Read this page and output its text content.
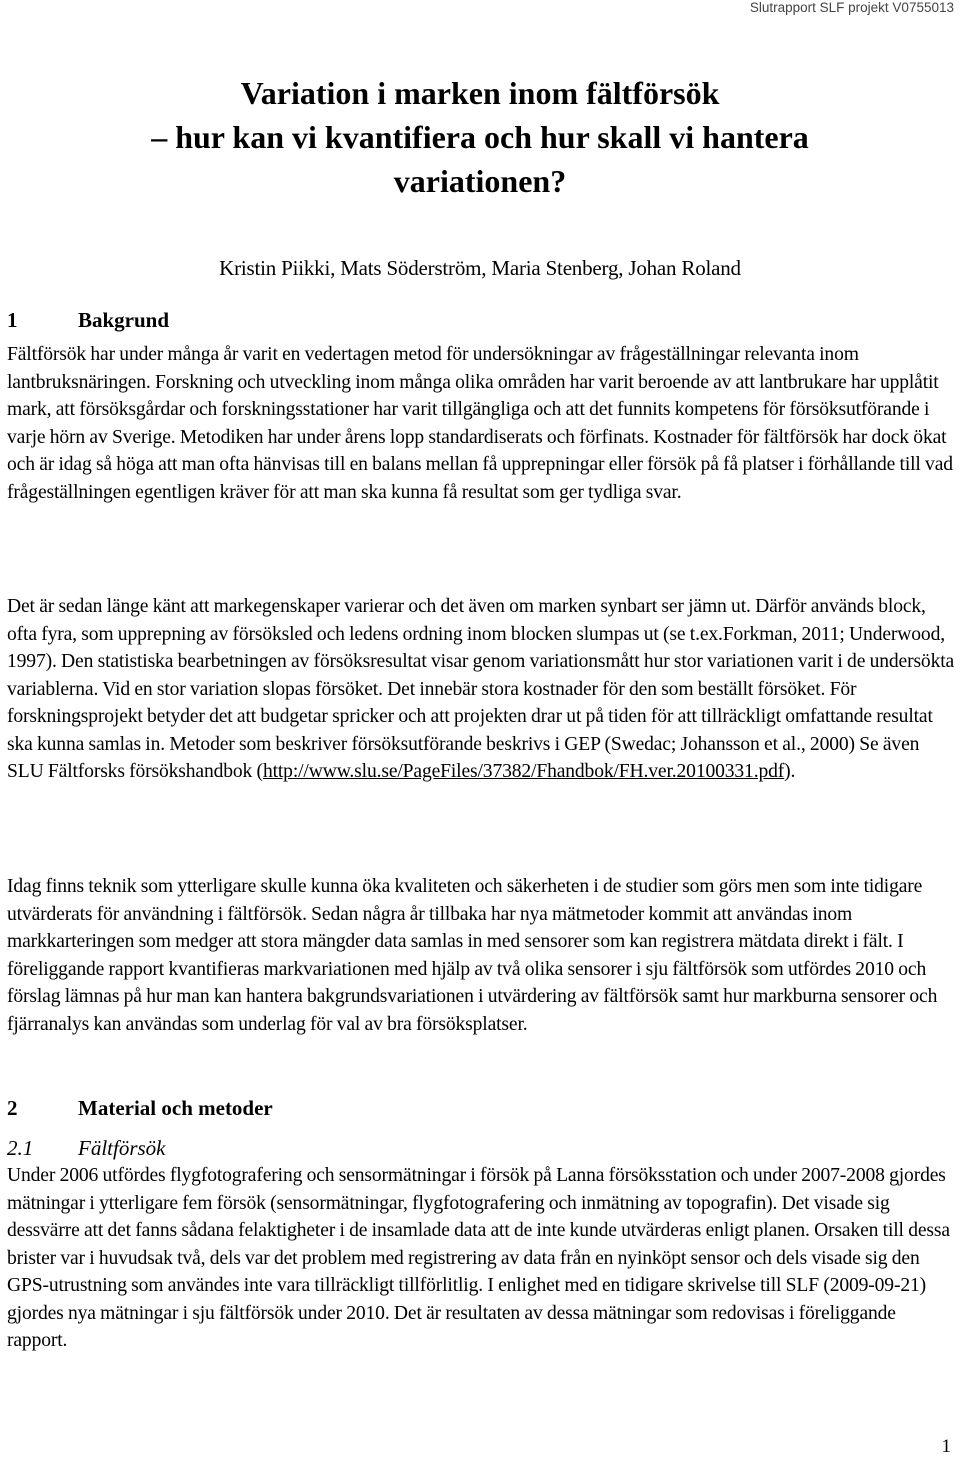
Slutrapport SLF projekt V0755013
Variation i marken inom fältförsök
– hur kan vi kvantifiera och hur skall vi hantera
variationen?
Kristin Piikki, Mats Söderström, Maria Stenberg, Johan Roland
1	Bakgrund

Fältförsök har under många år varit en vedertagen metod för undersökningar av frågeställningar relevanta inom lantbruksnäringen. Forskning och utveckling inom många olika områden har varit beroende av att lantbrukare har upplåtit mark, att försöksgårdar och forskningsstationer har varit tillgängliga och att det funnits kompetens för försöksutförande i varje hörn av Sverige. Metodiken har under årens lopp standardiserats och förfinats. Kostnader för fältförsök har dock ökat och är idag så höga att man ofta hänvisas till en balans mellan få upprepningar eller försök på få platser i förhållande till vad frågeställningen egentligen kräver för att man ska kunna få resultat som ger tydliga svar.

Det är sedan länge känt att markegenskaper varierar och det även om marken synbart ser jämn ut. Därför används block, ofta fyra, som upprepning av försöksled och ledens ordning inom blocken slumpas ut (se t.ex.Forkman, 2011; Underwood, 1997). Den statistiska bearbetningen av försöksresultat visar genom variationsmått hur stor variationen varit i de undersökta variablerna. Vid en stor variation slopas försöket. Det innebär stora kostnader för den som beställt försöket. För forskningsprojekt betyder det att budgetar spricker och att projekten drar ut på tiden för att tillräckligt omfattande resultat ska kunna samlas in. Metoder som beskriver försöksutförande beskrivs i GEP (Swedac; Johansson et al., 2000) Se även SLU Fältforsks försökshandbok (http://www.slu.se/PageFiles/37382/Fhandbok/FH.ver.20100331.pdf).

Idag finns teknik som ytterligare skulle kunna öka kvaliteten och säkerheten i de studier som görs men som inte tidigare utvärderats för användning i fältförsök. Sedan några år tillbaka har nya mätmetoder kommit att användas inom markkarteringen som medger att stora mängder data samlas in med sensorer som kan registrera mätdata direkt i fält. I föreliggande rapport kvantifieras markvariationen med hjälp av två olika sensorer i sju fältförsök som utfördes 2010 och förslag lämnas på hur man kan hantera bakgrundsvariationen i utvärdering av fältförsök samt hur markburna sensorer och fjärranalys kan användas som underlag för val av bra försöksplatser.

2	Material och metoder
2.1 Fältförsök

Under 2006 utfördes flygfotografering och sensormätningar i försök på Lanna försöksstation och under 2007-2008 gjordes mätningar i ytterligare fem försök (sensormätningar, flygfotografering och inmätning av topografin). Det visade sig dessvärre att det fanns sådana felaktigheter i de insamlade data att de inte kunde utvärderas enligt planen. Orsaken till dessa brister var i huvudsak två, dels var det problem med registrering av data från en nyinköpt sensor och dels visade sig den GPS-utrustning som användes inte vara tillräckligt tillförlitlig. I enlighet med en tidigare skrivelse till SLF (2009-09-21) gjordes nya mätningar i sju fältförsök under 2010. Det är resultaten av dessa mätningar som redovisas i föreliggande rapport.

1
